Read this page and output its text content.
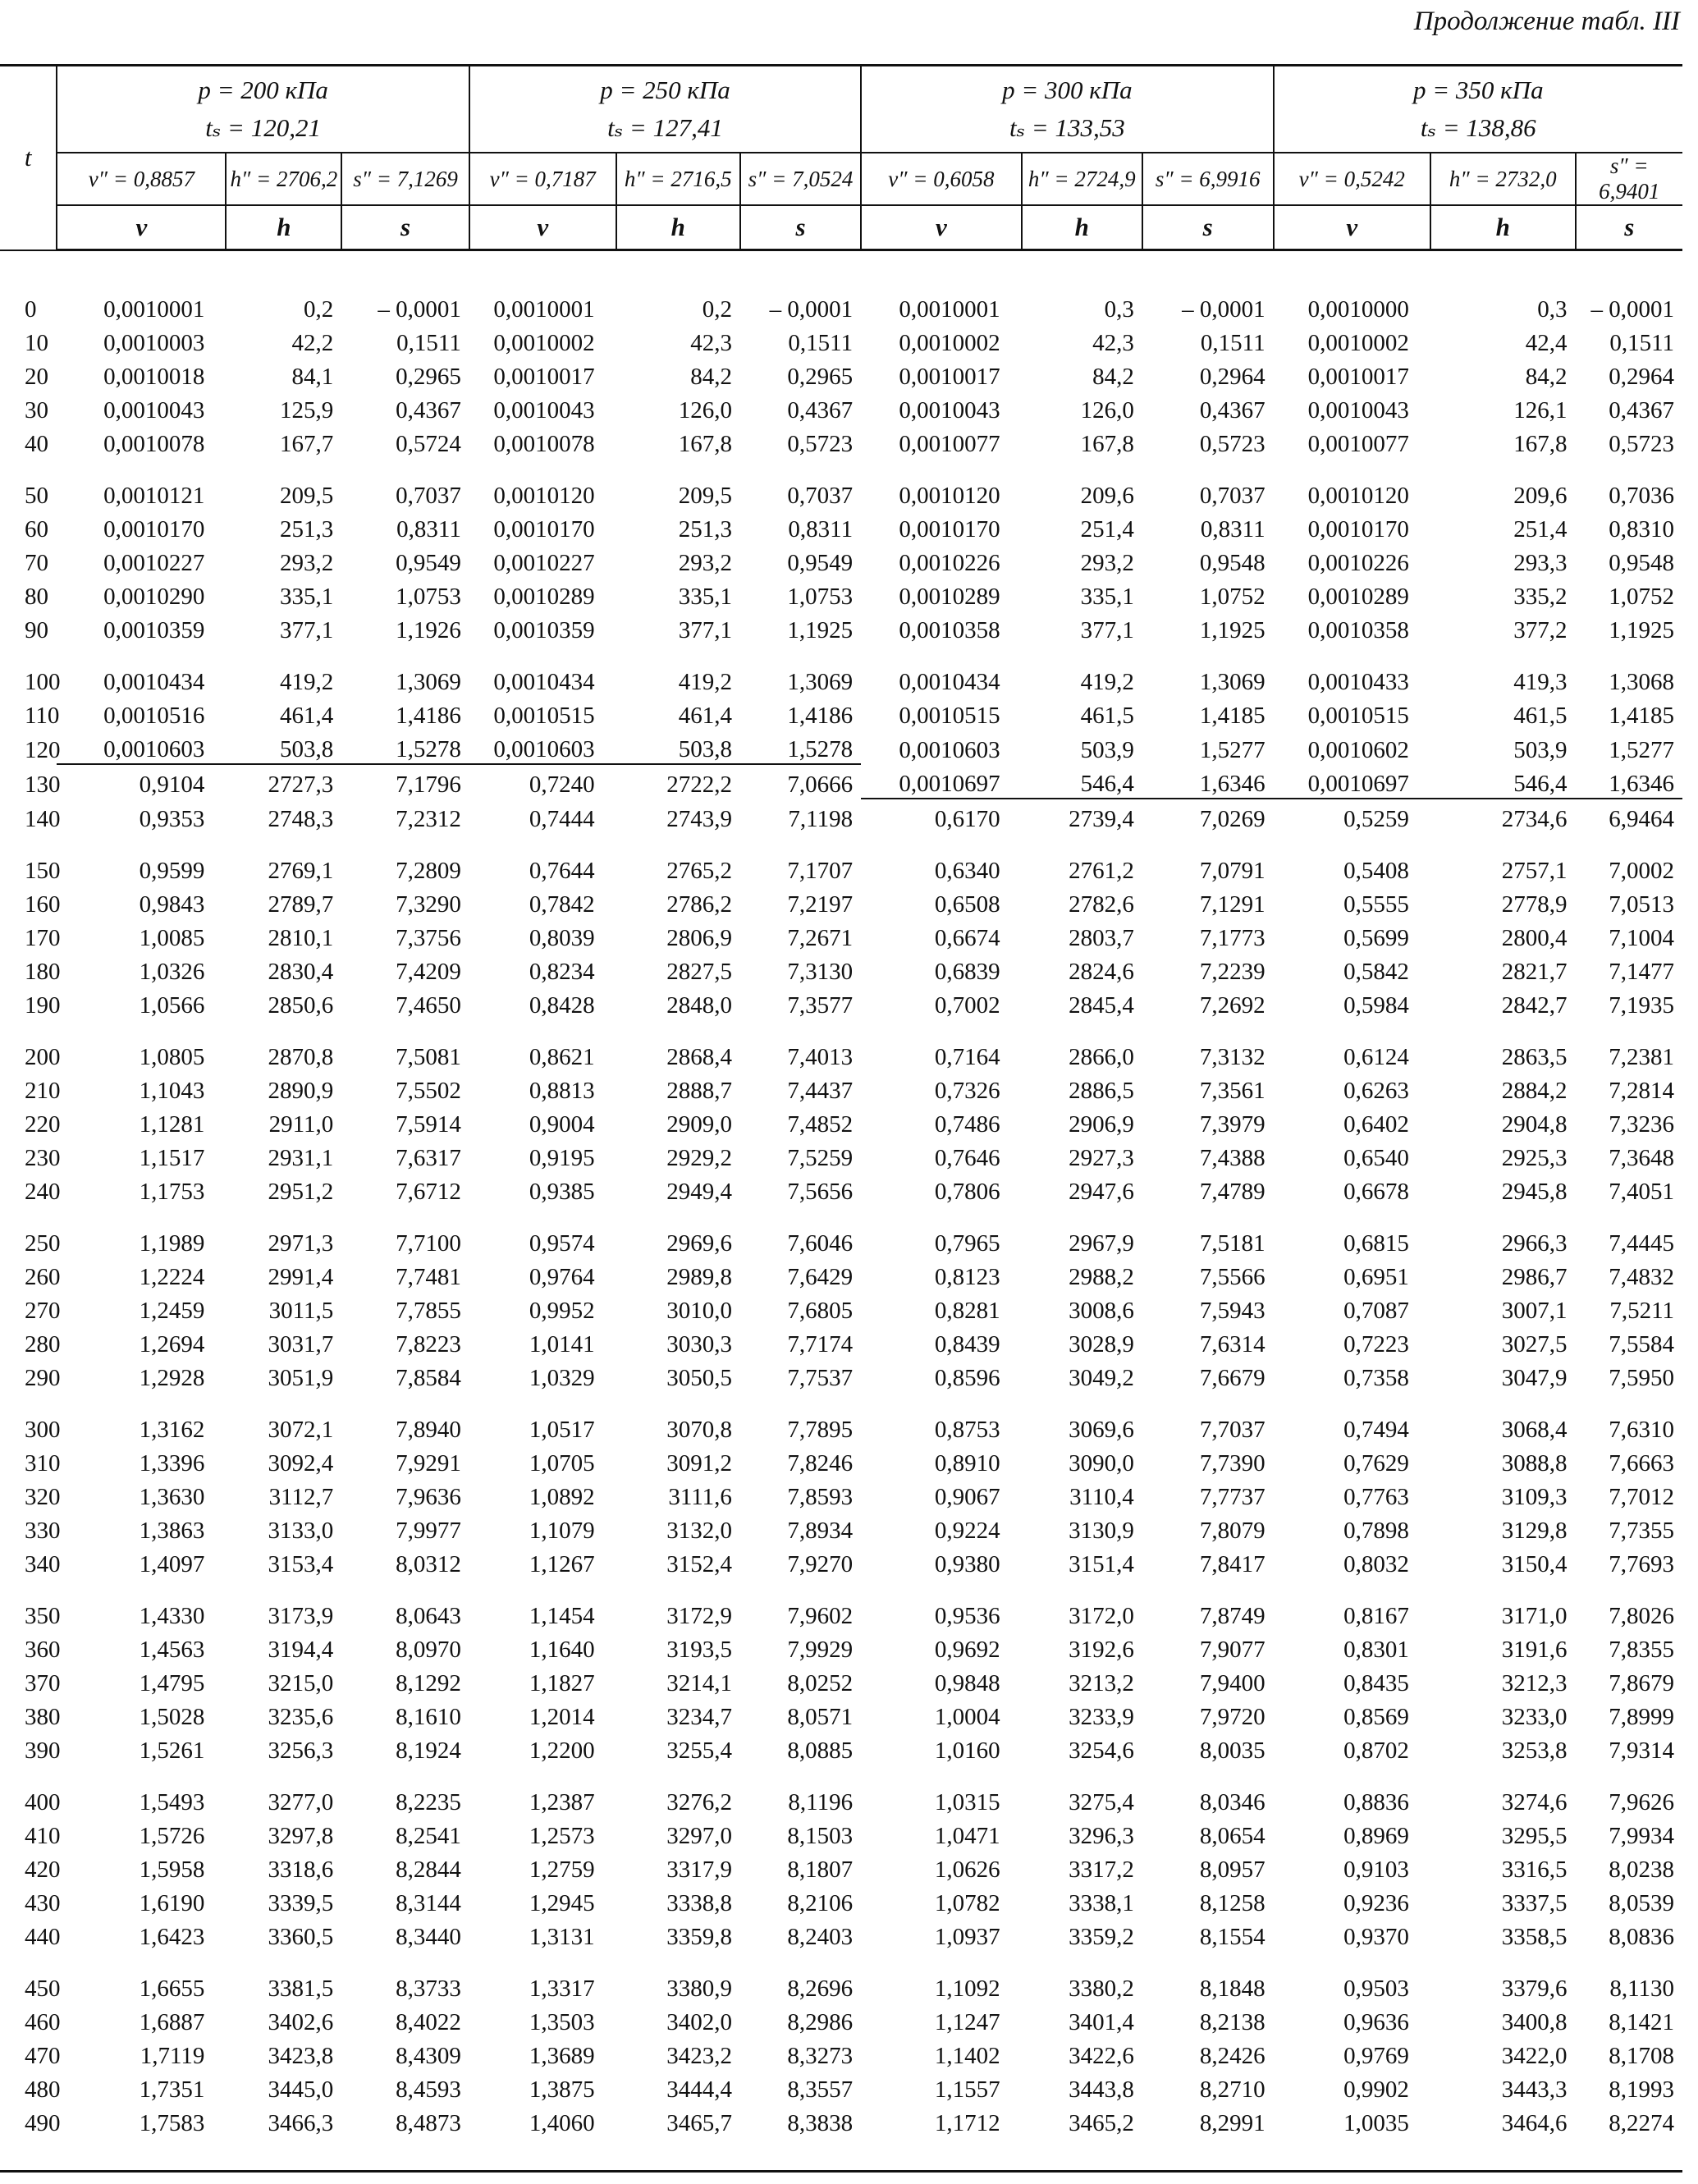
Продолжение табл. III
t	p = 200 кПа
tₛ = 120,21			p = 250 кПа
tₛ = 127,41			p = 300 кПа
tₛ = 133,53			p = 350 кПа
tₛ = 138,86		
	v″ = 0,8857	h″ = 2706,2	s″ = 7,1269	v″ = 0,7187	h″ = 2716,5	s″ = 7,0524	v″ = 0,6058	h″ = 2724,9	s″ = 6,9916	v″ = 0,5242	h″ = 2732,0	s″ = 6,9401
	v	h	s	v	h	s	v	h	s	v	h	s
0	0,0010001	0,2	– 0,0001	0,0010001	0,2	– 0,0001	0,0010001	0,3	– 0,0001	0,0010000	0,3	– 0,0001
10	0,0010003	42,2	0,1511	0,0010002	42,3	0,1511	0,0010002	42,3	0,1511	0,0010002	42,4	0,1511
20	0,0010018	84,1	0,2965	0,0010017	84,2	0,2965	0,0010017	84,2	0,2964	0,0010017	84,2	0,2964
30	0,0010043	125,9	0,4367	0,0010043	126,0	0,4367	0,0010043	126,0	0,4367	0,0010043	126,1	0,4367
40	0,0010078	167,7	0,5724	0,0010078	167,8	0,5723	0,0010077	167,8	0,5723	0,0010077	167,8	0,5723
50	0,0010121	209,5	0,7037	0,0010120	209,5	0,7037	0,0010120	209,6	0,7037	0,0010120	209,6	0,7036
60	0,0010170	251,3	0,8311	0,0010170	251,3	0,8311	0,0010170	251,4	0,8311	0,0010170	251,4	0,8310
70	0,0010227	293,2	0,9549	0,0010227	293,2	0,9549	0,0010226	293,2	0,9548	0,0010226	293,3	0,9548
80	0,0010290	335,1	1,0753	0,0010289	335,1	1,0753	0,0010289	335,1	1,0752	0,0010289	335,2	1,0752
90	0,0010359	377,1	1,1926	0,0010359	377,1	1,1925	0,0010358	377,1	1,1925	0,0010358	377,2	1,1925
100	0,0010434	419,2	1,3069	0,0010434	419,2	1,3069	0,0010434	419,2	1,3069	0,0010433	419,3	1,3068
110	0,0010516	461,4	1,4186	0,0010515	461,4	1,4186	0,0010515	461,5	1,4185	0,0010515	461,5	1,4185
120	0,0010603	503,8	1,5278	0,0010603	503,8	1,5278	0,0010603	503,9	1,5277	0,0010602	503,9	1,5277
130	0,9104	2727,3	7,1796	0,7240	2722,2	7,0666	0,0010697	546,4	1,6346	0,0010697	546,4	1,6346
140	0,9353	2748,3	7,2312	0,7444	2743,9	7,1198	0,6170	2739,4	7,0269	0,5259	2734,6	6,9464
150	0,9599	2769,1	7,2809	0,7644	2765,2	7,1707	0,6340	2761,2	7,0791	0,5408	2757,1	7,0002
160	0,9843	2789,7	7,3290	0,7842	2786,2	7,2197	0,6508	2782,6	7,1291	0,5555	2778,9	7,0513
170	1,0085	2810,1	7,3756	0,8039	2806,9	7,2671	0,6674	2803,7	7,1773	0,5699	2800,4	7,1004
180	1,0326	2830,4	7,4209	0,8234	2827,5	7,3130	0,6839	2824,6	7,2239	0,5842	2821,7	7,1477
190	1,0566	2850,6	7,4650	0,8428	2848,0	7,3577	0,7002	2845,4	7,2692	0,5984	2842,7	7,1935
200	1,0805	2870,8	7,5081	0,8621	2868,4	7,4013	0,7164	2866,0	7,3132	0,6124	2863,5	7,2381
210	1,1043	2890,9	7,5502	0,8813	2888,7	7,4437	0,7326	2886,5	7,3561	0,6263	2884,2	7,2814
220	1,1281	2911,0	7,5914	0,9004	2909,0	7,4852	0,7486	2906,9	7,3979	0,6402	2904,8	7,3236
230	1,1517	2931,1	7,6317	0,9195	2929,2	7,5259	0,7646	2927,3	7,4388	0,6540	2925,3	7,3648
240	1,1753	2951,2	7,6712	0,9385	2949,4	7,5656	0,7806	2947,6	7,4789	0,6678	2945,8	7,4051
250	1,1989	2971,3	7,7100	0,9574	2969,6	7,6046	0,7965	2967,9	7,5181	0,6815	2966,3	7,4445
260	1,2224	2991,4	7,7481	0,9764	2989,8	7,6429	0,8123	2988,2	7,5566	0,6951	2986,7	7,4832
270	1,2459	3011,5	7,7855	0,9952	3010,0	7,6805	0,8281	3008,6	7,5943	0,7087	3007,1	7,5211
280	1,2694	3031,7	7,8223	1,0141	3030,3	7,7174	0,8439	3028,9	7,6314	0,7223	3027,5	7,5584
290	1,2928	3051,9	7,8584	1,0329	3050,5	7,7537	0,8596	3049,2	7,6679	0,7358	3047,9	7,5950
300	1,3162	3072,1	7,8940	1,0517	3070,8	7,7895	0,8753	3069,6	7,7037	0,7494	3068,4	7,6310
310	1,3396	3092,4	7,9291	1,0705	3091,2	7,8246	0,8910	3090,0	7,7390	0,7629	3088,8	7,6663
320	1,3630	3112,7	7,9636	1,0892	3111,6	7,8593	0,9067	3110,4	7,7737	0,7763	3109,3	7,7012
330	1,3863	3133,0	7,9977	1,1079	3132,0	7,8934	0,9224	3130,9	7,8079	0,7898	3129,8	7,7355
340	1,4097	3153,4	8,0312	1,1267	3152,4	7,9270	0,9380	3151,4	7,8417	0,8032	3150,4	7,7693
350	1,4330	3173,9	8,0643	1,1454	3172,9	7,9602	0,9536	3172,0	7,8749	0,8167	3171,0	7,8026
360	1,4563	3194,4	8,0970	1,1640	3193,5	7,9929	0,9692	3192,6	7,9077	0,8301	3191,6	7,8355
370	1,4795	3215,0	8,1292	1,1827	3214,1	8,0252	0,9848	3213,2	7,9400	0,8435	3212,3	7,8679
380	1,5028	3235,6	8,1610	1,2014	3234,7	8,0571	1,0004	3233,9	7,9720	0,8569	3233,0	7,8999
390	1,5261	3256,3	8,1924	1,2200	3255,4	8,0885	1,0160	3254,6	8,0035	0,8702	3253,8	7,9314
400	1,5493	3277,0	8,2235	1,2387	3276,2	8,1196	1,0315	3275,4	8,0346	0,8836	3274,6	7,9626
410	1,5726	3297,8	8,2541	1,2573	3297,0	8,1503	1,0471	3296,3	8,0654	0,8969	3295,5	7,9934
420	1,5958	3318,6	8,2844	1,2759	3317,9	8,1807	1,0626	3317,2	8,0957	0,9103	3316,5	8,0238
430	1,6190	3339,5	8,3144	1,2945	3338,8	8,2106	1,0782	3338,1	8,1258	0,9236	3337,5	8,0539
440	1,6423	3360,5	8,3440	1,3131	3359,8	8,2403	1,0937	3359,2	8,1554	0,9370	3358,5	8,0836
450	1,6655	3381,5	8,3733	1,3317	3380,9	8,2696	1,1092	3380,2	8,1848	0,9503	3379,6	8,1130
460	1,6887	3402,6	8,4022	1,3503	3402,0	8,2986	1,1247	3401,4	8,2138	0,9636	3400,8	8,1421
470	1,7119	3423,8	8,4309	1,3689	3423,2	8,3273	1,1402	3422,6	8,2426	0,9769	3422,0	8,1708
480	1,7351	3445,0	8,4593	1,3875	3444,4	8,3557	1,1557	3443,8	8,2710	0,9902	3443,3	8,1993
490	1,7583	3466,3	8,4873	1,4060	3465,7	8,3838	1,1712	3465,2	8,2991	1,0035	3464,6	8,2274
